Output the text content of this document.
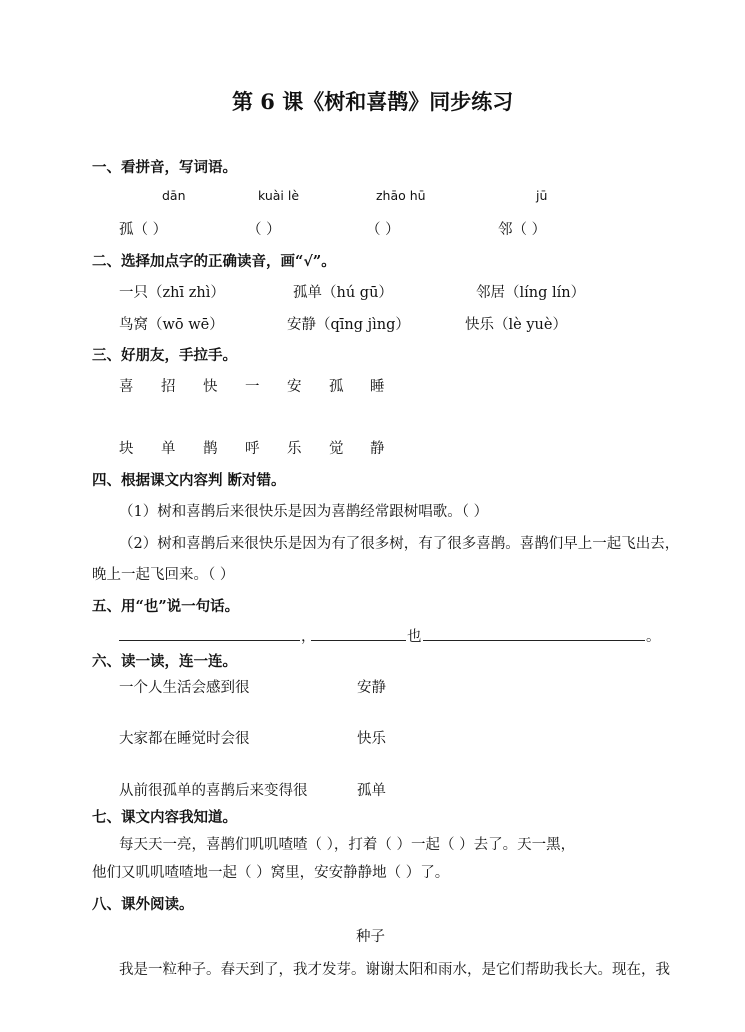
第 6 课《树和喜鹊》同步练习
一、看拼音，写词语。
dān	kuài lè	zhāo hū	jū
孤（ ）	（ ）	（ ）	邻（ ）
二、选择加点字的正确读音，画“√”。
一只（zhī zhì）	孤单（hú gū）	邻居（líng lín）
鸟窝（wō wē）	安静（qīng jìng）	快乐（lè yuè）
三、好朋友，手拉手。
喜 招 快 一 安 孤 睡
块 单 鹊 呼 乐 觉 静
四、根据课文内容判 断对错。
（1）树和喜鹊后来很快乐是因为喜鹊经常跟树唱歌。（ ）
（2）树和喜鹊后来很快乐是因为有了很多树，有了很多喜鹊。喜鹊们早上一起飞出去，
晚上一起飞回来。（ ）
五、用“也”说一句话。
，	也	。
六、读一读，连一连。
一个人生活会感到很	安静
大家都在睡觉时会很	快乐
从前很孤单的喜鹊后来变得很	孤单
七、课文内容我知道。
每天天一亮，喜鹊们叽叽喳喳（ ），打着（ ）一起（ ）去了。天一黑，
他们又叽叽喳喳地一起（ ）窝里，安安静静地（ ）了。
八、课外阅读。
种子
我是一粒种子。春天到了，我才发芽。谢谢太阳和雨水，是它们帮助我长大。现在，我
